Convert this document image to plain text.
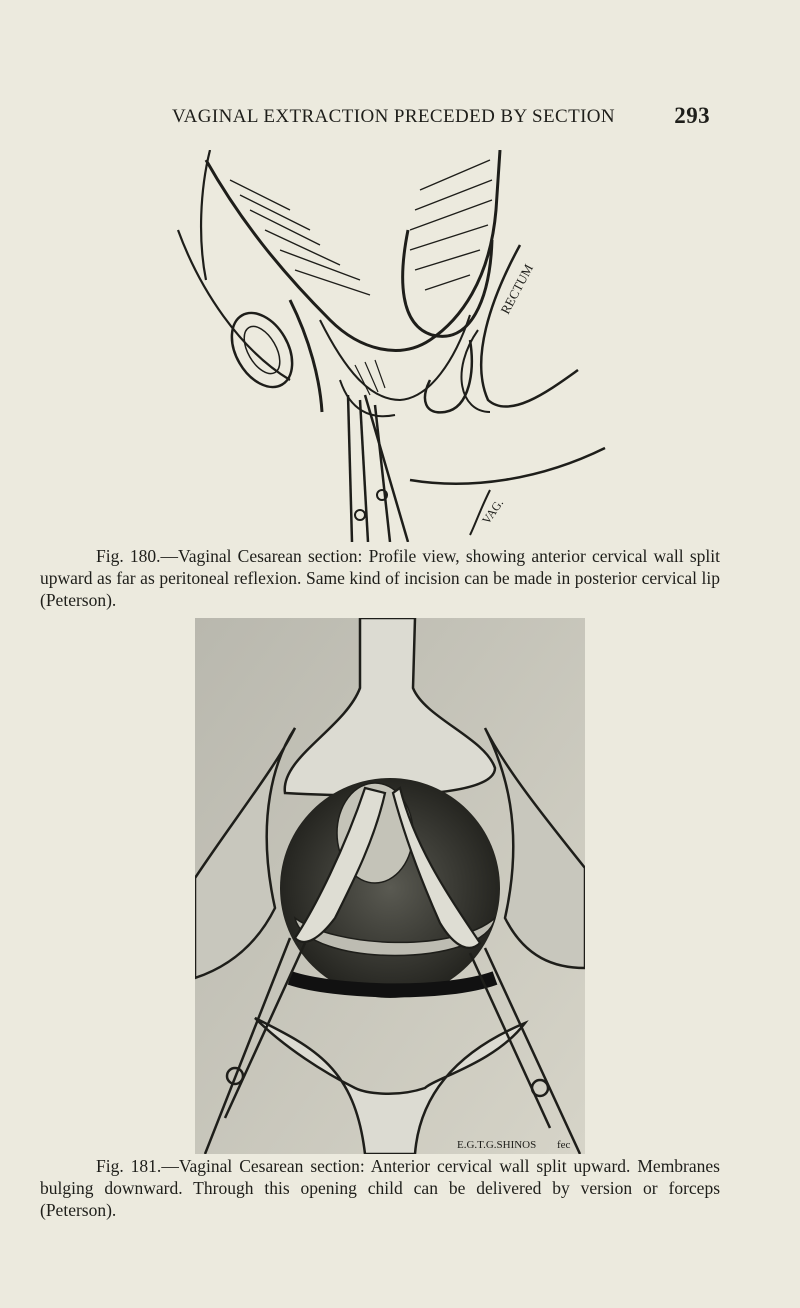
VAGINAL EXTRACTION PRECEDED BY SECTION	293
RECTUM
VAG.
Fig. 180.—Vaginal Cesarean section: Profile view, showing anterior cervical wall split upward as far as peritoneal reflexion. Same kind of incision can be made in posterior cervical lip (Peterson).
E.G.T.G.SHINOS fec
Fig. 181.—Vaginal Cesarean section: Anterior cervical wall split upward. Membranes bulging downward. Through this opening child can be delivered by version or forceps (Peterson).
